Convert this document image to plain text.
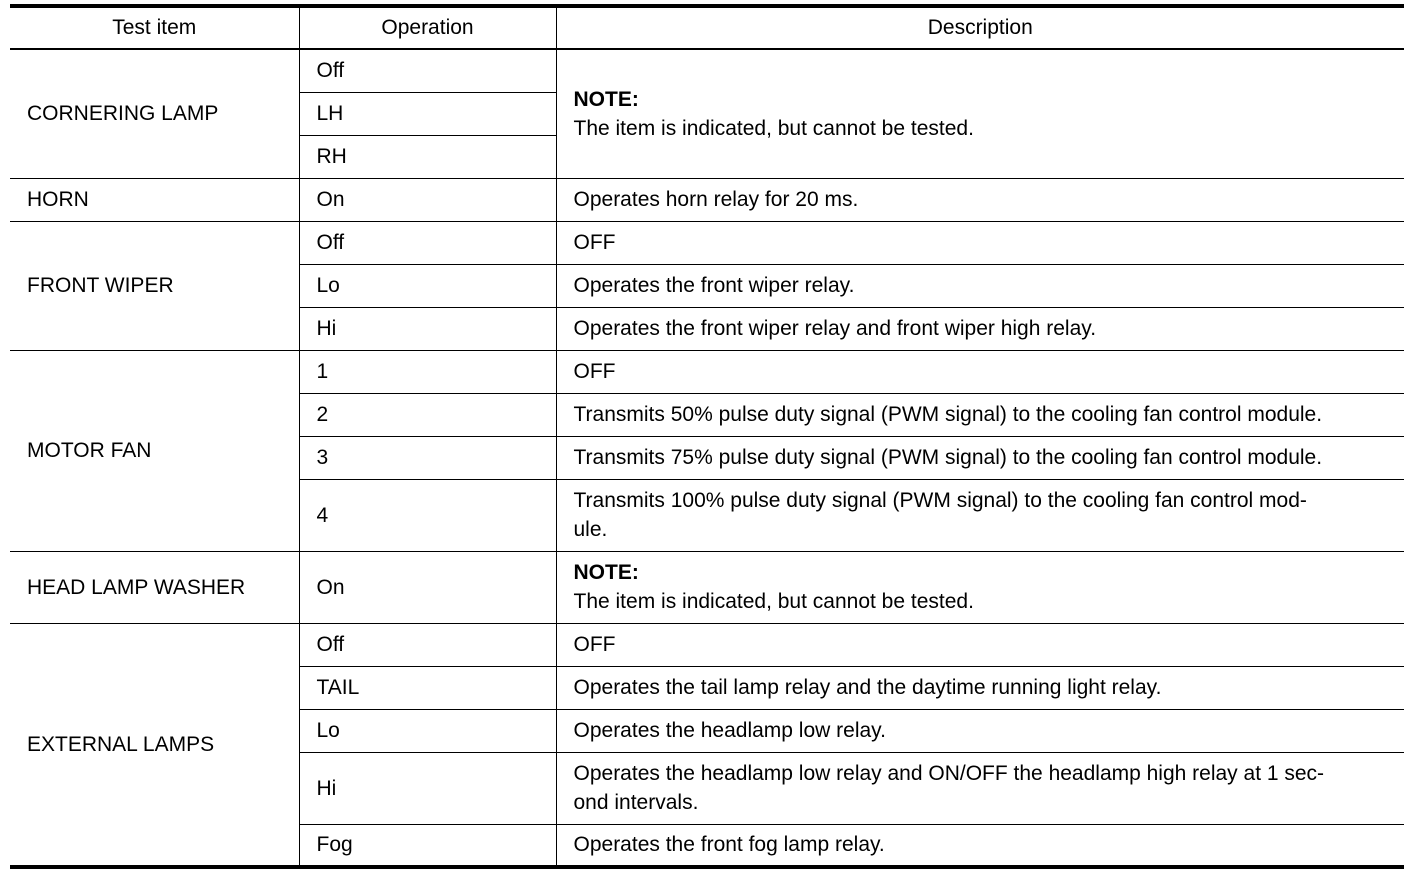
Test item	Operation	Description
CORNERING LAMP	Off	NOTE:
The item is indicated, but cannot be tested.

	LH	
	RH	
HORN	On	Operates horn relay for 20 ms.
FRONT WIPER	Off	OFF
	Lo	Operates the front wiper relay.
	Hi	Operates the front wiper relay and front wiper high relay.
MOTOR FAN	1	OFF
	2	Transmits 50% pulse duty signal (PWM signal) to the cooling fan control module.
	3	Transmits 75% pulse duty signal (PWM signal) to the cooling fan control module.
	4	Transmits 100% pulse duty signal (PWM signal) to the cooling fan control mod-
ule.

HEAD LAMP WASHER	On	NOTE:
The item is indicated, but cannot be tested.

EXTERNAL LAMPS	Off	OFF
	TAIL	Operates the tail lamp relay and the daytime running light relay.
	Lo	Operates the headlamp low relay.
	Hi	Operates the headlamp low relay and ON/OFF the headlamp high relay at 1 sec-
ond intervals.

	Fog	Operates the front fog lamp relay.
